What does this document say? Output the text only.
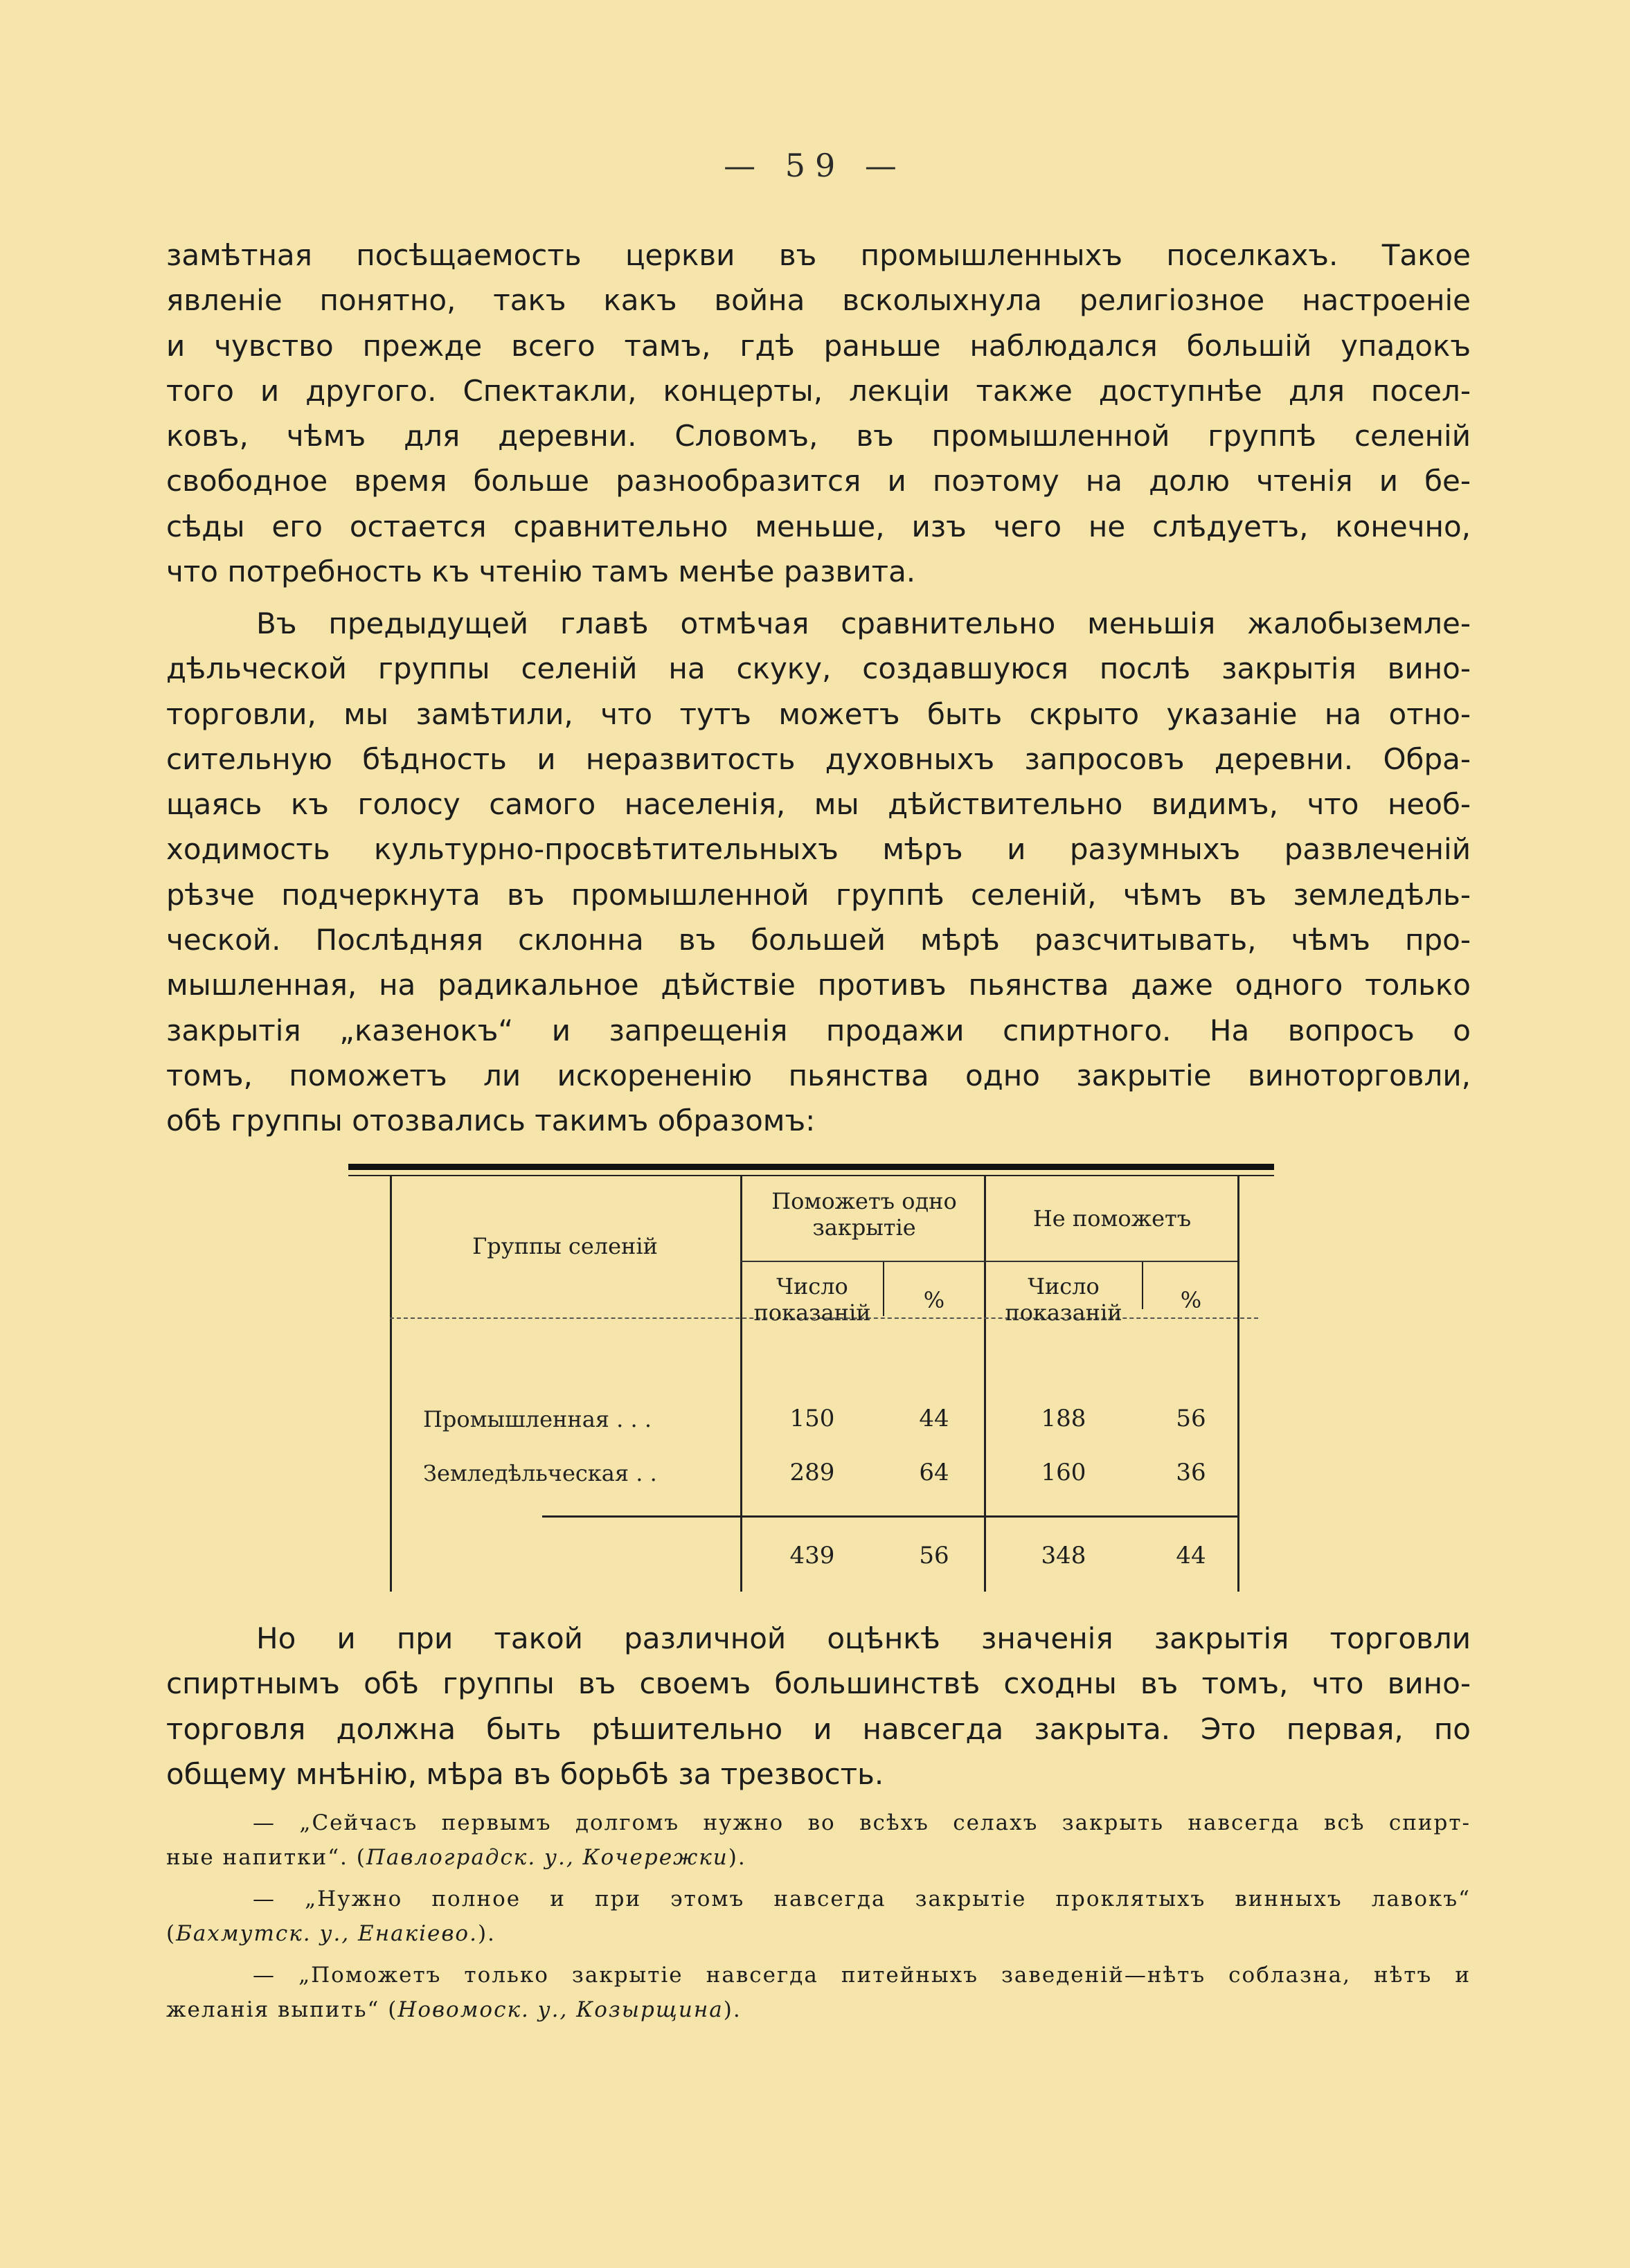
— 59 —

замѣтная посѣщаемость церкви въ промышленныхъ поселкахъ. Такое

явленіе понятно, такъ какъ война всколыхнула религіозное настроеніе

и чувство прежде всего тамъ, гдѣ раньше наблюдался большій упадокъ

того и другого. Спектакли, концерты, лекціи также доступнѣе для посел-

ковъ, чѣмъ для деревни. Словомъ, въ промышленной группѣ селеній

свободное время больше разнообразится и поэтому на долю чтенія и бе-

сѣды его остается сравнительно меньше, изъ чего не слѣдуетъ, конечно,

что потребность къ чтенію тамъ менѣе развита.

Въ предыдущей главѣ отмѣчая сравнительно меньшія жалобыземле-

дѣльческой группы селеній на скуку, создавшуюся послѣ закрытія вино-

торговли, мы замѣтили, что тутъ можетъ быть скрыто указаніе на отно-

сительную бѣдность и неразвитость духовныхъ запросовъ деревни. Обра-

щаясь къ голосу самого населенія, мы дѣйствительно видимъ, что необ-

ходимость культурно-просвѣтительныхъ мѣръ и разумныхъ развлеченій

рѣзче подчеркнута въ промышленной группѣ селеній, чѣмъ въ земледѣль-

ческой. Послѣдняя склонна въ большей мѣрѣ разсчитывать, чѣмъ про-

мышленная, на радикальное дѣйствіе противъ пьянства даже одного только

закрытія „казенокъ“ и запрещенія продажи спиртного. На вопросъ о

томъ, поможетъ ли искорененію пьянства одно закрытіе виноторговли,

обѣ группы отозвались такимъ образомъ:

Группы селеній
Поможетъ одно закрытіе	Не поможетъ
Число показаній	%
Число показаній	%
Промышленная . . .	150	44	188	56
Земледѣльческая . .	289	64	160	36
439	56	348	44

Но и при такой различной оцѣнкѣ значенія закрытія торговли

спиртнымъ обѣ группы въ своемъ большинствѣ сходны въ томъ, что вино-

торговля должна быть рѣшительно и навсегда закрыта. Это первая, по

общему мнѣнію, мѣра въ борьбѣ за трезвость.

— „Сейчасъ первымъ долгомъ нужно во всѣхъ селахъ закрыть навсегда всѣ спирт-

ные напитки“. (Павлоградск. у., Кочережки).

— „Нужно полное и при этомъ навсегда закрытіе проклятыхъ винныхъ лавокъ“

(Бахмутск. у., Енакіево.).

— „Поможетъ только закрытіе навсегда питейныхъ заведеній—нѣтъ соблазна, нѣтъ и

желанія выпить“ (Новомоск. у., Козырщина).
